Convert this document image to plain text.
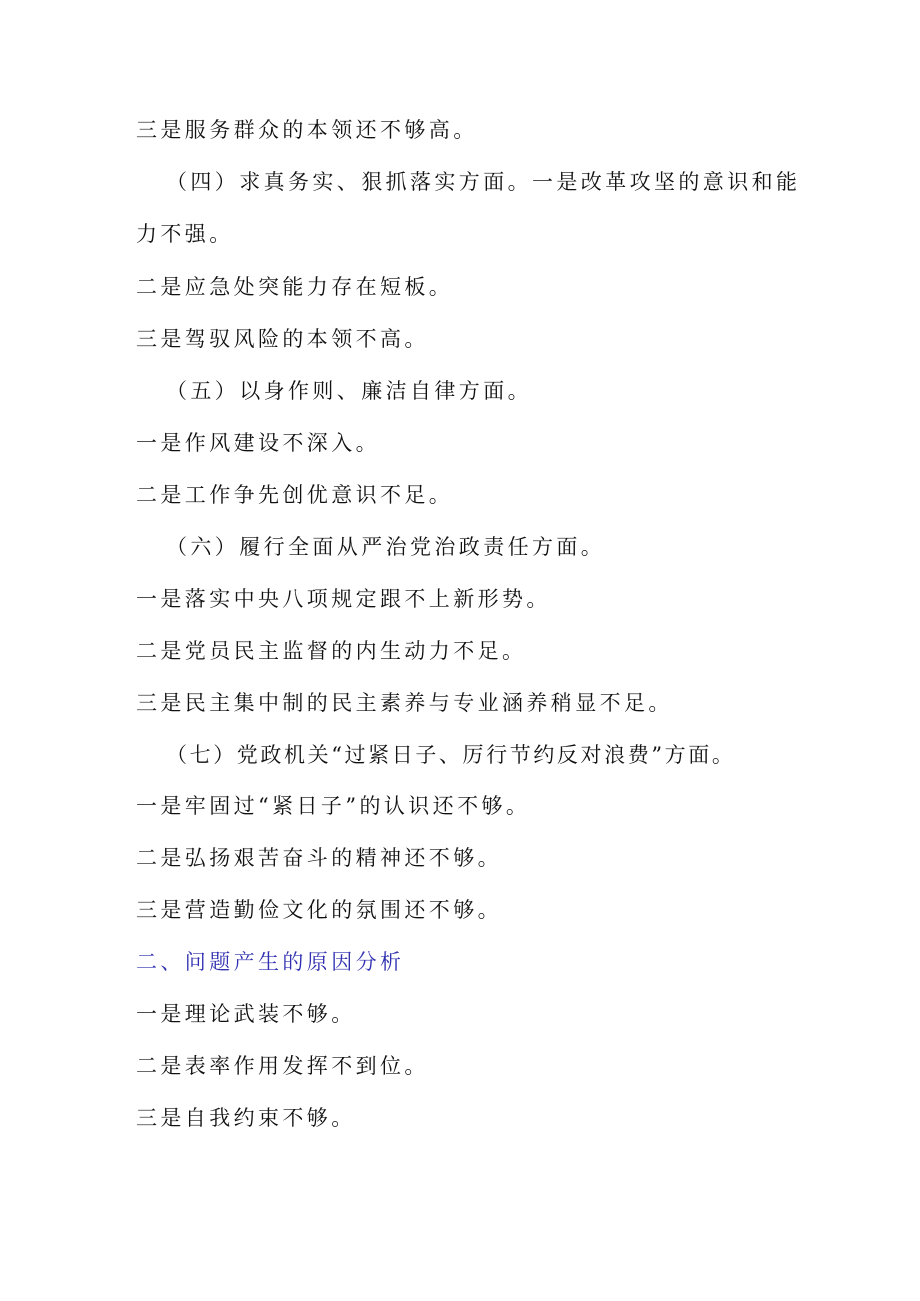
三是服务群众的本领还不够高。
（四）求真务实、狠抓落实方面。一是改革攻坚的意识和能
力不强。
二是应急处突能力存在短板。
三是驾驭风险的本领不高。
（五）以身作则、廉洁自律方面。
一是作风建设不深入。
二是工作争先创优意识不足。
（六）履行全面从严治党治政责任方面。
一是落实中央八项规定跟不上新形势。
二是党员民主监督的内生动力不足。
三是民主集中制的民主素养与专业涵养稍显不足。
（七）党政机关“过紧日子、厉行节约反对浪费”方面。
一是牢固过“紧日子”的认识还不够。
二是弘扬艰苦奋斗的精神还不够。
三是营造勤俭文化的氛围还不够。
二、问题产生的原因分析
一是理论武装不够。
二是表率作用发挥不到位。
三是自我约束不够。
